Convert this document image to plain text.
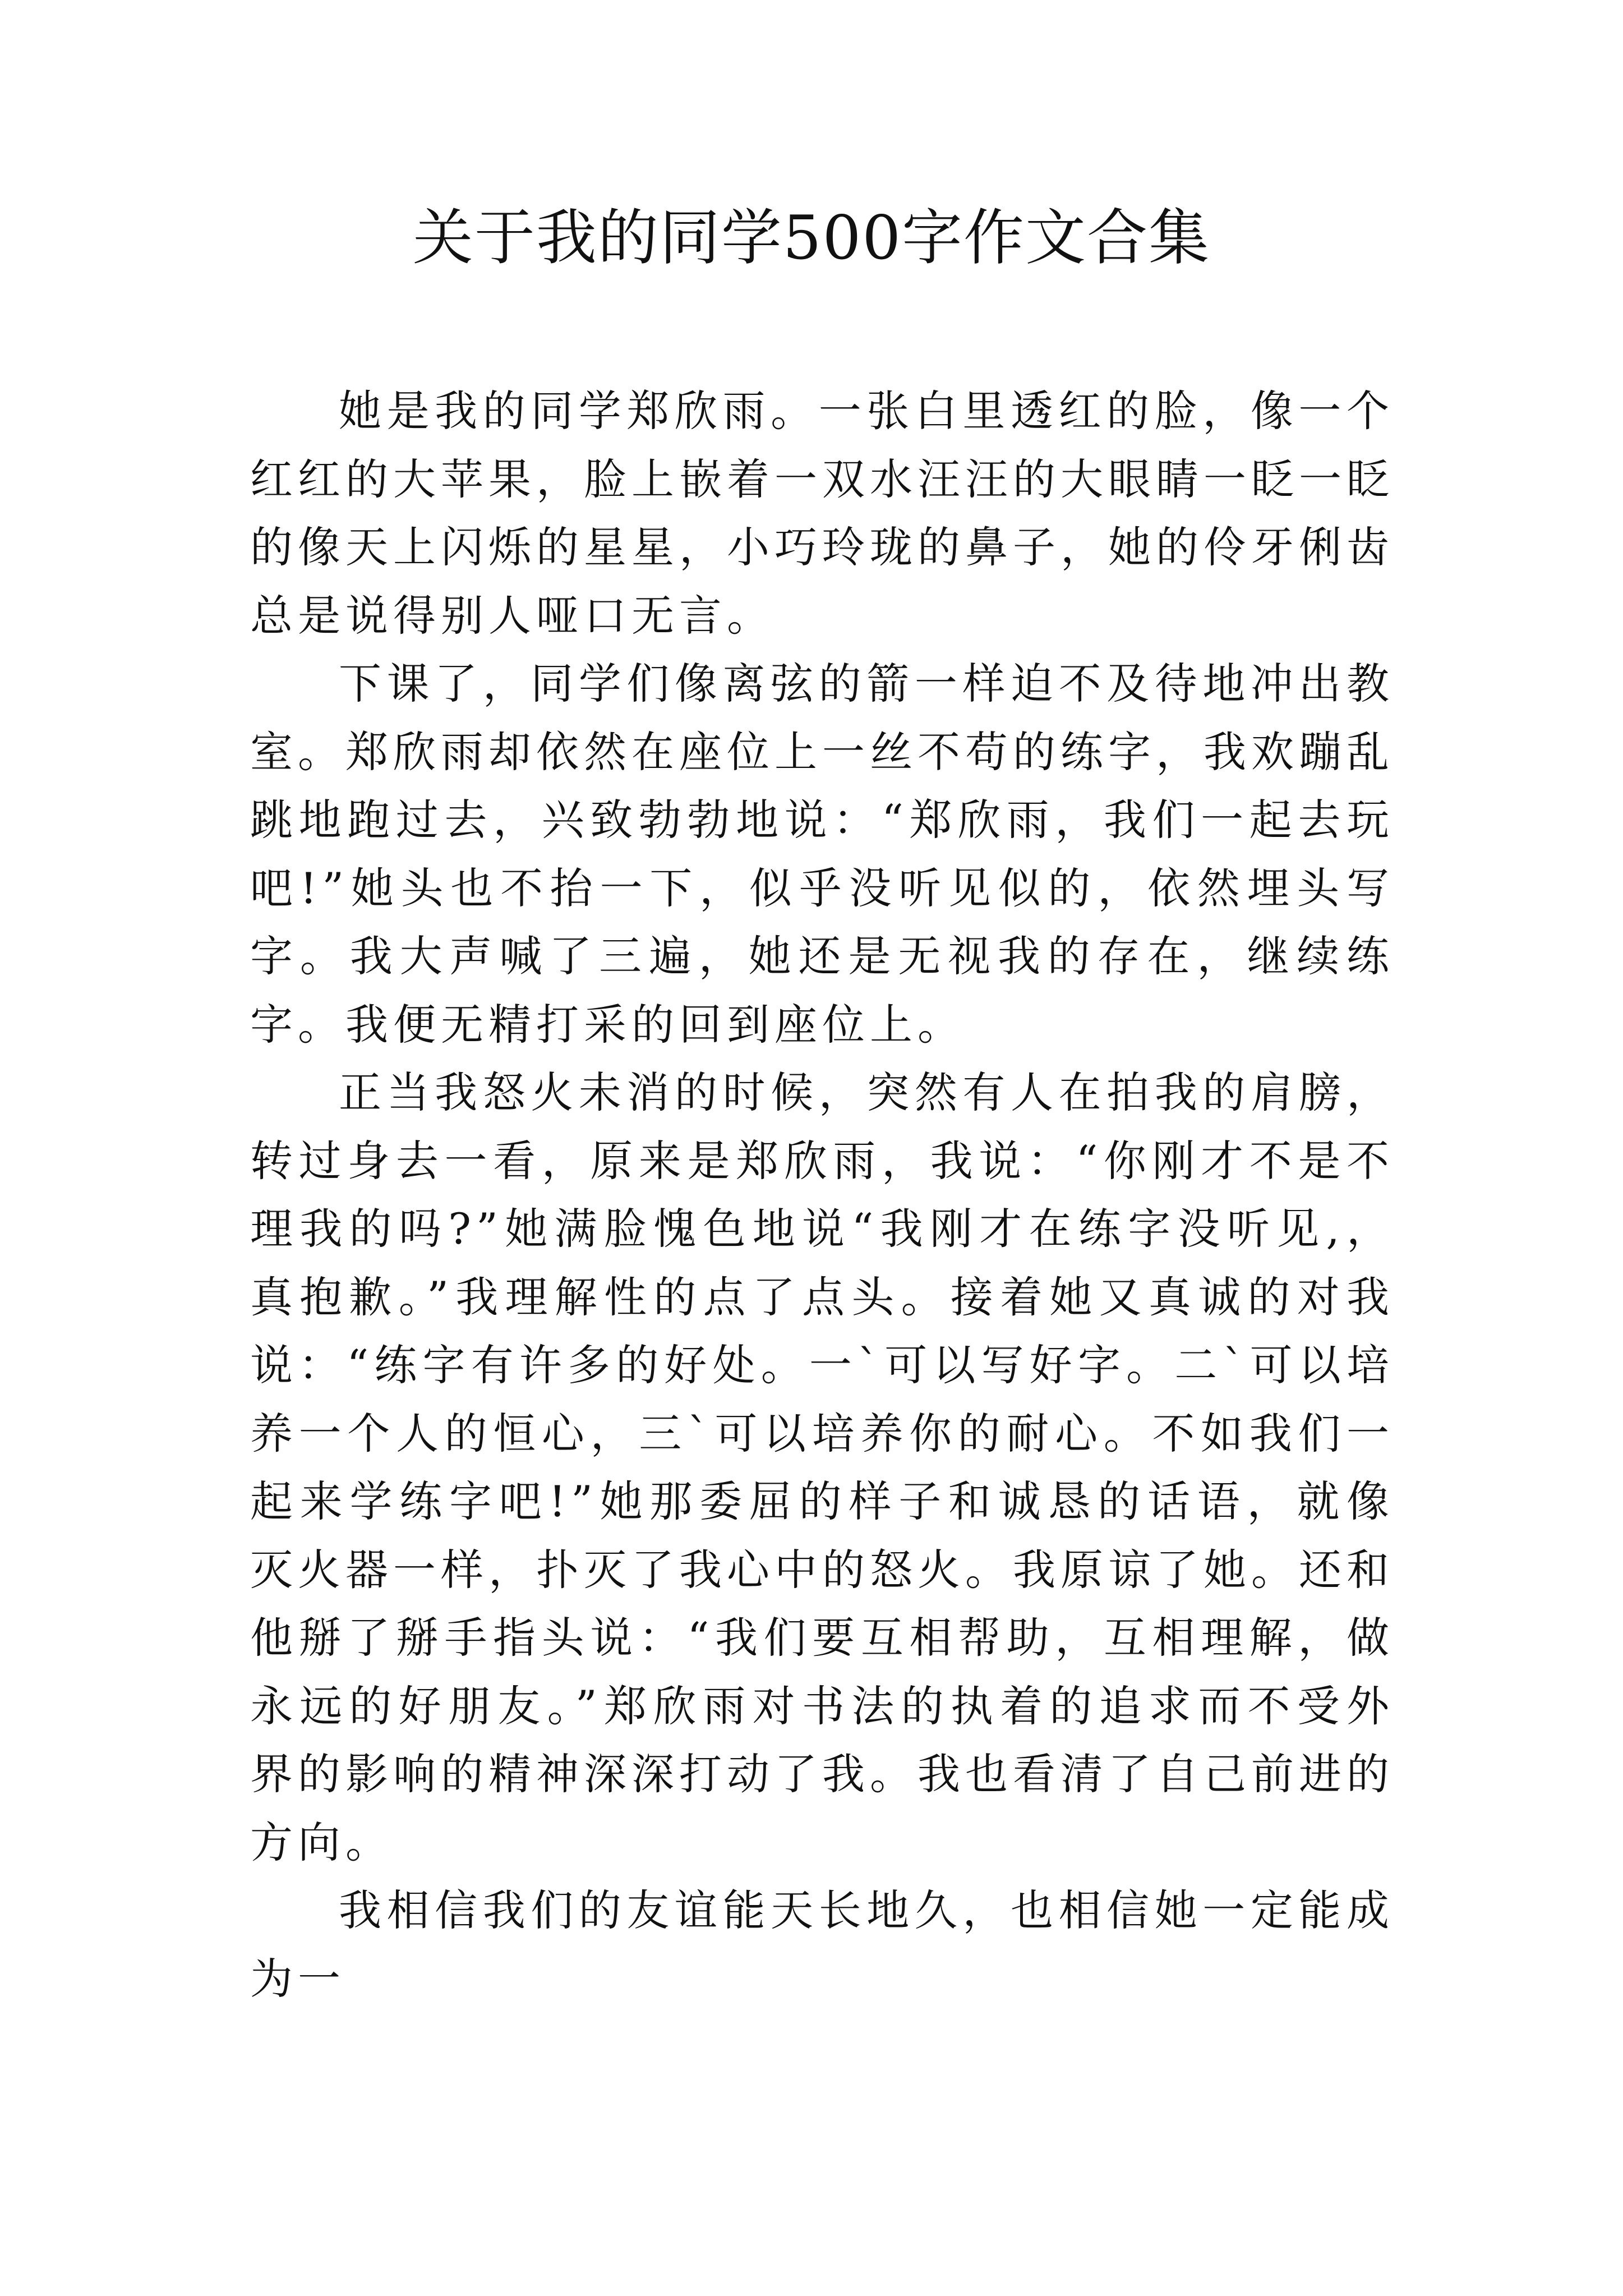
关于我的同学500字作文合集

她是我的同学郑欣雨。一张白里透红的脸，像一个红红的大苹果，脸上嵌着一双水汪汪的大眼睛一眨一眨的像天上闪烁的星星，小巧玲珑的鼻子，她的伶牙俐齿总是说得别人哑口无言。

下课了，同学们像离弦的箭一样迫不及待地冲出教室。郑欣雨却依然在座位上一丝不苟的练字，我欢蹦乱跳地跑过去，兴致勃勃地说：“郑欣雨，我们一起去玩吧!”她头也不抬一下，似乎没听见似的，依然埋头写字。我大声喊了三遍，她还是无视我的存在，继续练字。我便无精打采的回到座位上。

正当我怒火未消的时候，突然有人在拍我的肩膀，转过身去一看，原来是郑欣雨，我说：“你刚才不是不理我的吗?”她满脸愧色地说“我刚才在练字没听见,，真抱歉。”我理解性的点了点头。接着她又真诚的对我说：“练字有许多的好处。一`可以写好字。二`可以培养一个人的恒心，三`可以培养你的耐心。不如我们一起来学练字吧!”她那委屈的样子和诚恳的话语，就像灭火器一样，扑灭了我心中的怒火。我原谅了她。还和他掰了掰手指头说：“我们要互相帮助，互相理解，做永远的好朋友。”郑欣雨对书法的执着的追求而不受外界的影响的精神深深打动了我。我也看清了自己前进的方向。

我相信我们的友谊能天长地久，也相信她一定能成为一
